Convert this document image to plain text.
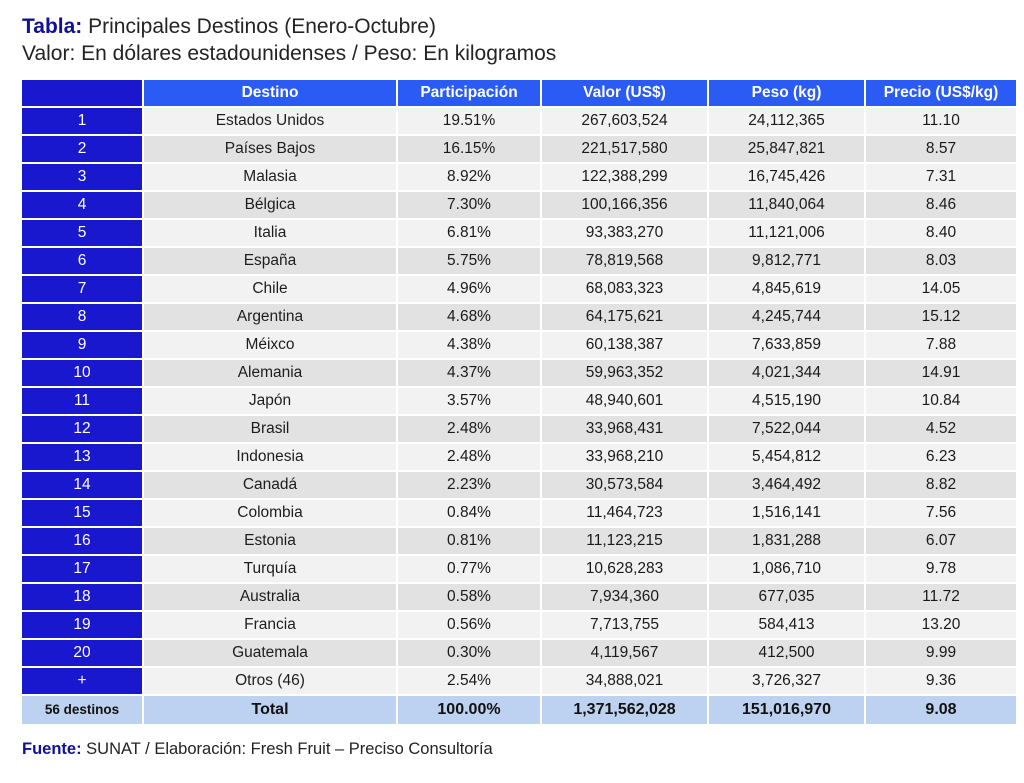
Tabla: Principales Destinos (Enero-Octubre)
Valor: En dólares estadounidenses / Peso: En kilogramos
	Destino	Participación	Valor (US$)	Peso (kg)	Precio (US$/kg)
1	Estados Unidos	19.51%	267,603,524	24,112,365	11.10
2	Países Bajos	16.15%	221,517,580	25,847,821	8.57
3	Malasia	8.92%	122,388,299	16,745,426	7.31
4	Bélgica	7.30%	100,166,356	11,840,064	8.46
5	Italia	6.81%	93,383,270	11,121,006	8.40
6	España	5.75%	78,819,568	9,812,771	8.03
7	Chile	4.96%	68,083,323	4,845,619	14.05
8	Argentina	4.68%	64,175,621	4,245,744	15.12
9	Méixco	4.38%	60,138,387	7,633,859	7.88
10	Alemania	4.37%	59,963,352	4,021,344	14.91
11	Japón	3.57%	48,940,601	4,515,190	10.84
12	Brasil	2.48%	33,968,431	7,522,044	4.52
13	Indonesia	2.48%	33,968,210	5,454,812	6.23
14	Canadá	2.23%	30,573,584	3,464,492	8.82
15	Colombia	0.84%	11,464,723	1,516,141	7.56
16	Estonia	0.81%	11,123,215	1,831,288	6.07
17	Turquía	0.77%	10,628,283	1,086,710	9.78
18	Australia	0.58%	7,934,360	677,035	11.72
19	Francia	0.56%	7,713,755	584,413	13.20
20	Guatemala	0.30%	4,119,567	412,500	9.99
+	Otros (46)	2.54%	34,888,021	3,726,327	9.36
56 destinos	Total	100.00%	1,371,562,028	151,016,970	9.08
Fuente: SUNAT / Elaboración: Fresh Fruit – Preciso Consultoría
